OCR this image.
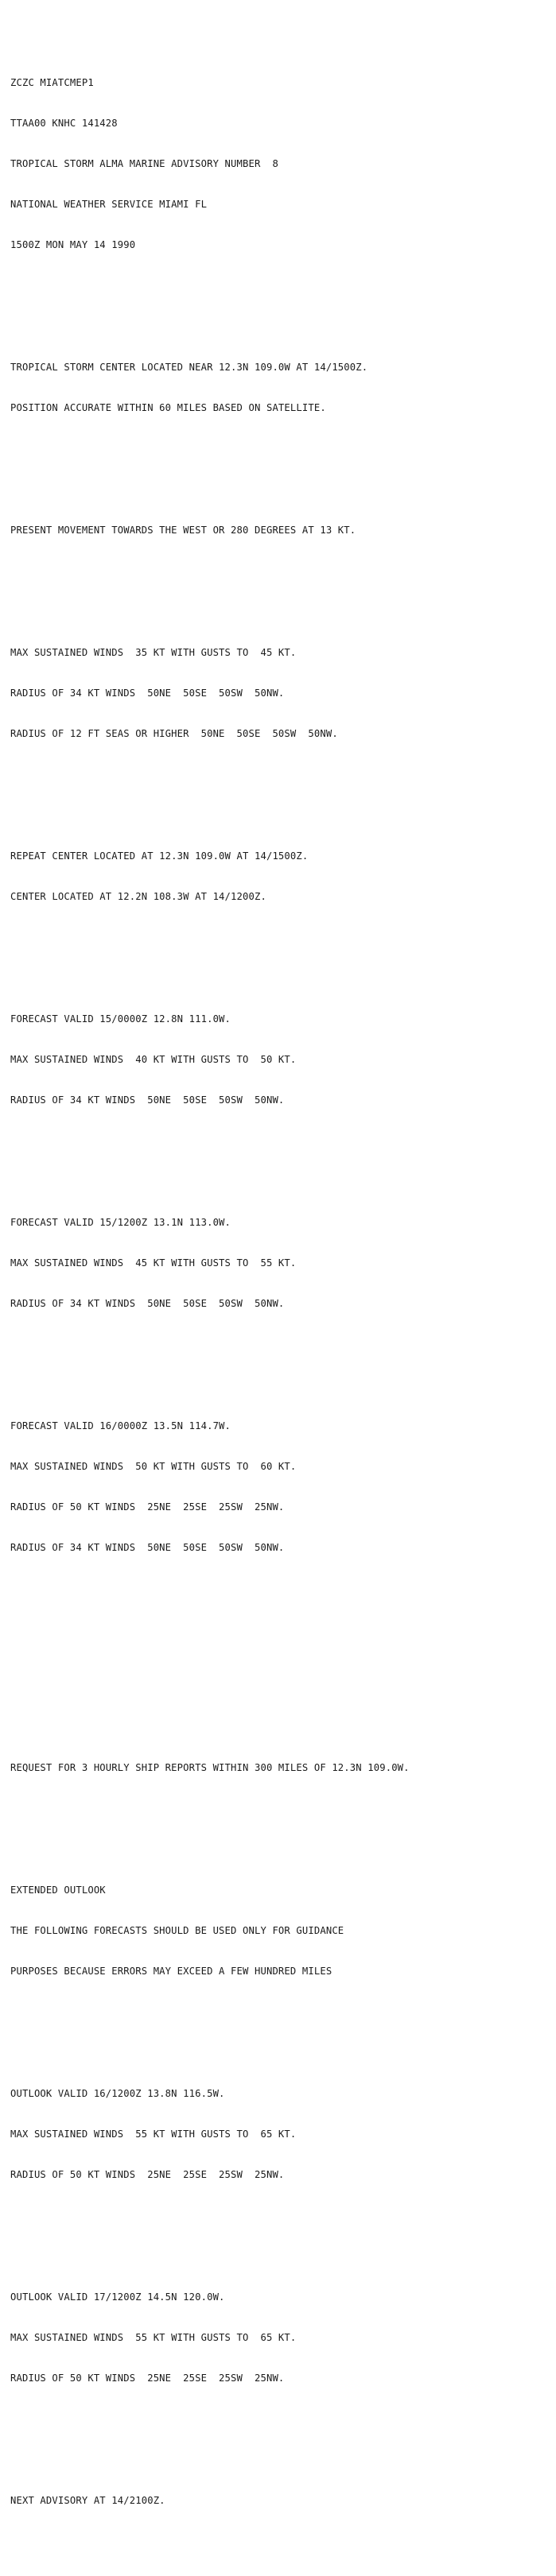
ZCZC MIATCMEP1

TTAA00 KNHC 141428

TROPICAL STORM ALMA MARINE ADVISORY NUMBER  8

NATIONAL WEATHER SERVICE MIAMI FL

1500Z MON MAY 14 1990

TROPICAL STORM CENTER LOCATED NEAR 12.3N 109.0W AT 14/1500Z.

POSITION ACCURATE WITHIN 60 MILES BASED ON SATELLITE.

PRESENT MOVEMENT TOWARDS THE WEST OR 280 DEGREES AT 13 KT.

MAX SUSTAINED WINDS  35 KT WITH GUSTS TO  45 KT.

RADIUS OF 34 KT WINDS  50NE  50SE  50SW  50NW.

RADIUS OF 12 FT SEAS OR HIGHER  50NE  50SE  50SW  50NW.

REPEAT CENTER LOCATED AT 12.3N 109.0W AT 14/1500Z.

CENTER LOCATED AT 12.2N 108.3W AT 14/1200Z.

FORECAST VALID 15/0000Z 12.8N 111.0W.

MAX SUSTAINED WINDS  40 KT WITH GUSTS TO  50 KT.

RADIUS OF 34 KT WINDS  50NE  50SE  50SW  50NW.

FORECAST VALID 15/1200Z 13.1N 113.0W.

MAX SUSTAINED WINDS  45 KT WITH GUSTS TO  55 KT.

RADIUS OF 34 KT WINDS  50NE  50SE  50SW  50NW.

FORECAST VALID 16/0000Z 13.5N 114.7W.

MAX SUSTAINED WINDS  50 KT WITH GUSTS TO  60 KT.

RADIUS OF 50 KT WINDS  25NE  25SE  25SW  25NW.

RADIUS OF 34 KT WINDS  50NE  50SE  50SW  50NW.

REQUEST FOR 3 HOURLY SHIP REPORTS WITHIN 300 MILES OF 12.3N 109.0W.

EXTENDED OUTLOOK

THE FOLLOWING FORECASTS SHOULD BE USED ONLY FOR GUIDANCE

PURPOSES BECAUSE ERRORS MAY EXCEED A FEW HUNDRED MILES

OUTLOOK VALID 16/1200Z 13.8N 116.5W.

MAX SUSTAINED WINDS  55 KT WITH GUSTS TO  65 KT.

RADIUS OF 50 KT WINDS  25NE  25SE  25SW  25NW.

OUTLOOK VALID 17/1200Z 14.5N 120.0W.

MAX SUSTAINED WINDS  55 KT WITH GUSTS TO  65 KT.

RADIUS OF 50 KT WINDS  25NE  25SE  25SW  25NW.

NEXT ADVISORY AT 14/2100Z.
